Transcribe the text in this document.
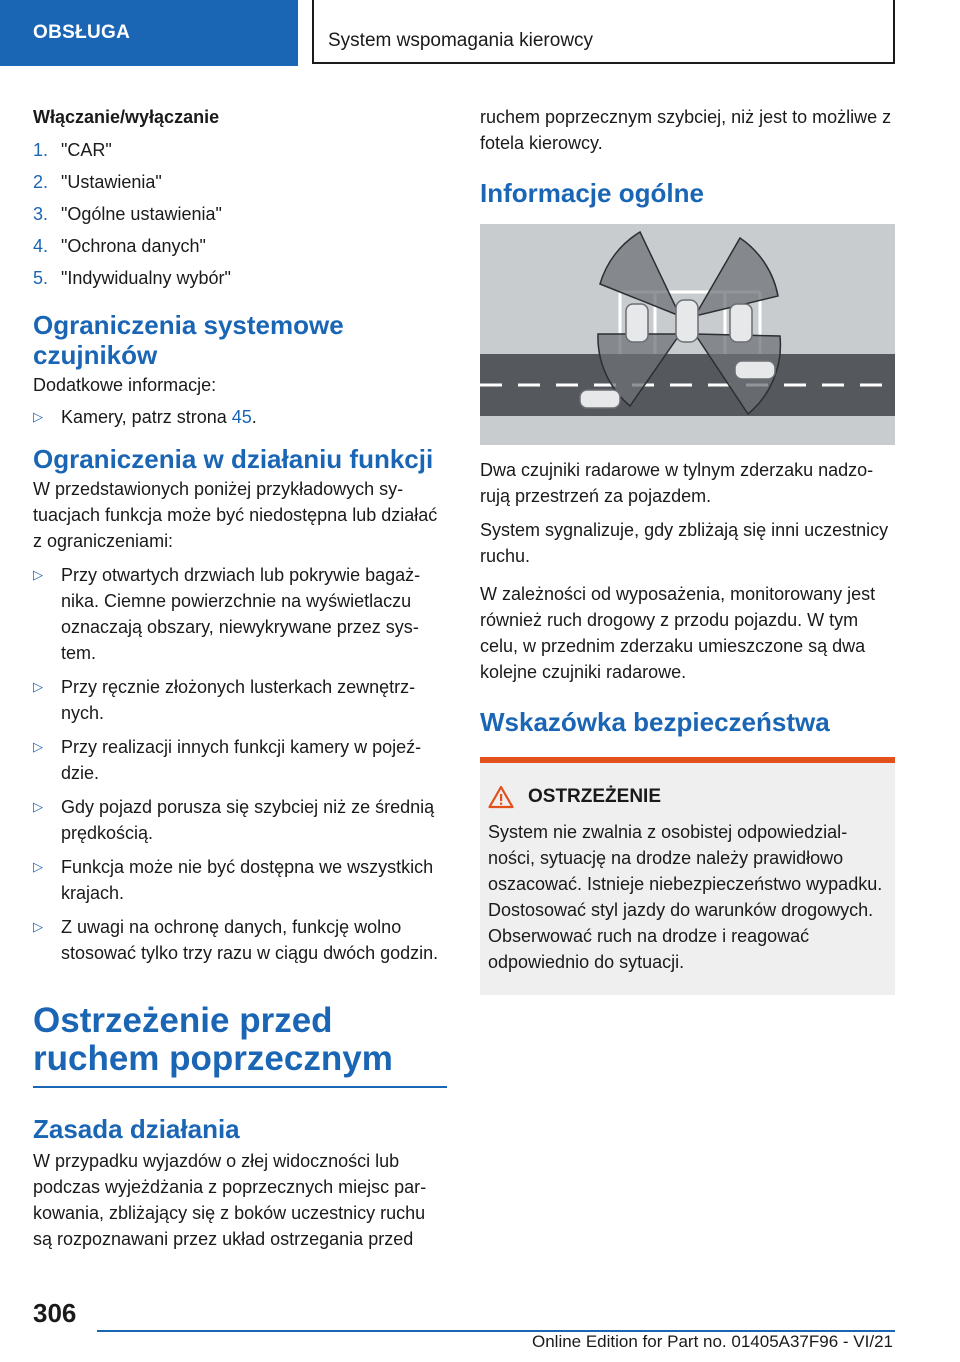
OBSŁUGA	System wspomagania kierowcy

Włączanie/wyłączanie

1. "CAR"
2. "Ustawienia"
3. "Ogólne ustawienia"
4. "Ochrona danych"
5. "Indywidualny wybór"
Ograniczenia systemowe czujników

Dodatkowe informacje:

▷	Kamery, patrz strona 45.
Ograniczenia w działaniu funkcji

W przedstawionych poniżej przykładowych sytuacjach funkcja może być niedostępna lub działać z ograniczeniami:

▷	Przy otwartych drzwiach lub pokrywie bagażnika. Ciemne powierzchnie na wyświetlaczu oznaczają obszary, niewykrywane przez system.
▷	Przy ręcznie złożonych lusterkach zewnętrznych.
▷	Przy realizacji innych funkcji kamery w pojeździe.
▷	Gdy pojazd porusza się szybciej niż ze średnią prędkością.
▷	Funkcja może nie być dostępna we wszystkich krajach.
▷	Z uwagi na ochronę danych, funkcję wolno stosować tylko trzy razu w ciągu dwóch godzin.
Ostrzeżenie przed ruchem poprzecznym
Zasada działania

W przypadku wyjazdów o złej widoczności lub podczas wyjeżdżania z poprzecznych miejsc parkowania, zbliżający się z boków uczestnicy ruchu są rozpoznawani przez układ ostrzegania przed

ruchem poprzecznym szybciej, niż jest to możliwe z fotela kierowcy.

Informacje ogólne

Dwa czujniki radarowe w tylnym zderzaku nadzorują przestrzeń za pojazdem.

System sygnalizuje, gdy zbliżają się inni uczestnicy ruchu.

W zależności od wyposażenia, monitorowany jest również ruch drogowy z przodu pojazdu. W tym celu, w przednim zderzaku umieszczone są dwa kolejne czujniki radarowe.

Wskazówka bezpieczeństwa
OSTRZEŻENIE

System nie zwalnia z osobistej odpowiedzialności, sytuację na drodze należy prawidłowo oszacować. Istnieje niebezpieczeństwo wypadku. Dostosować styl jazdy do warunków drogowych. Obserwować ruch na drodze i reagować odpowiednio do sytuacji.

306
Online Edition for Part no. 01405A37F96 - VI/21
